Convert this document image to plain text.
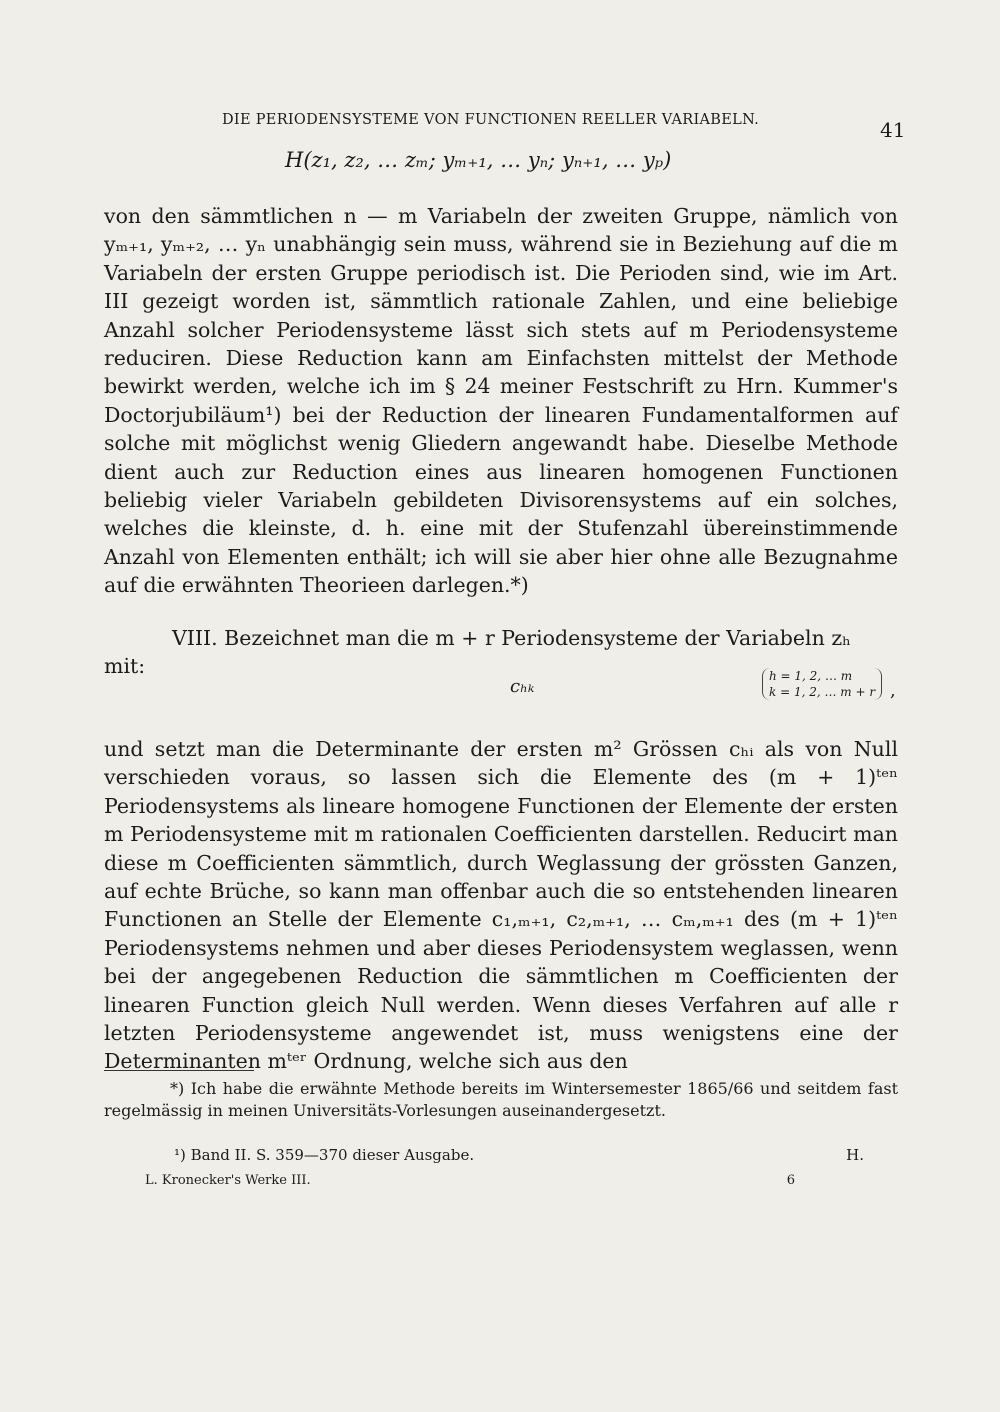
DIE PERIODENSYSTEME VON FUNCTIONEN REELLER VARIABELN.	41
H(z₁, z₂, … zₘ; yₘ₊₁, … yₙ; yₙ₊₁, … yₚ)

von den sämmtlichen n — m Variabeln der zweiten Gruppe, nämlich von yₘ₊₁, yₘ₊₂, … yₙ unabhängig sein muss, während sie in Beziehung auf die m Variabeln der ersten Gruppe periodisch ist. Die Perioden sind, wie im Art. III gezeigt worden ist, sämmtlich rationale Zahlen, und eine beliebige Anzahl solcher Periodensysteme lässt sich stets auf m Periodensysteme reduciren. Diese Reduction kann am Einfachsten mittelst der Methode bewirkt werden, welche ich im § 24 meiner Festschrift zu Hrn. Kummer's Doctorjubiläum¹) bei der Reduction der linearen Fundamentalformen auf solche mit möglichst wenig Gliedern angewandt habe. Dieselbe Methode dient auch zur Reduction eines aus linearen homogenen Functionen beliebig vieler Variabeln gebildeten Divisorensystems auf ein solches, welches die kleinste, d. h. eine mit der Stufenzahl übereinstimmende Anzahl von Elementen enthält; ich will sie aber hier ohne alle Bezugnahme auf die erwähnten Theorieen darlegen.*)

VIII. Bezeichnet man die m + r Periodensysteme der Variabeln zₕ mit:
cₕₖ	h = 1, 2, … m
k = 1, 2, … m + r ,
und setzt man die Determinante der ersten m² Grössen cₕᵢ als von Null verschieden voraus, so lassen sich die Elemente des (m + 1)ᵗᵉⁿ Periodensystems als lineare homogene Functionen der Elemente der ersten m Periodensysteme mit m rationalen Coefficienten darstellen. Reducirt man diese m Coefficienten sämmtlich, durch Weglassung der grössten Ganzen, auf echte Brüche, so kann man offenbar auch die so entstehenden linearen Functionen an Stelle der Elemente c₁,ₘ₊₁, c₂,ₘ₊₁, … cₘ,ₘ₊₁ des (m + 1)ᵗᵉⁿ Periodensystems nehmen und aber dieses Periodensystem weglassen, wenn bei der angegebenen Reduction die sämmtlichen m Coefficienten der linearen Function gleich Null werden. Wenn dieses Verfahren auf alle r letzten Periodensysteme angewendet ist, muss wenigstens eine der Determinanten mᵗᵉʳ Ordnung, welche sich aus den
*) Ich habe die erwähnte Methode bereits im Wintersemester 1865/66 und seitdem fast regelmässig in meinen Universitäts-Vorlesungen auseinandergesetzt.
¹) Band II. S. 359—370 dieser Ausgabe.	H.
L. Kronecker's Werke III.	6
